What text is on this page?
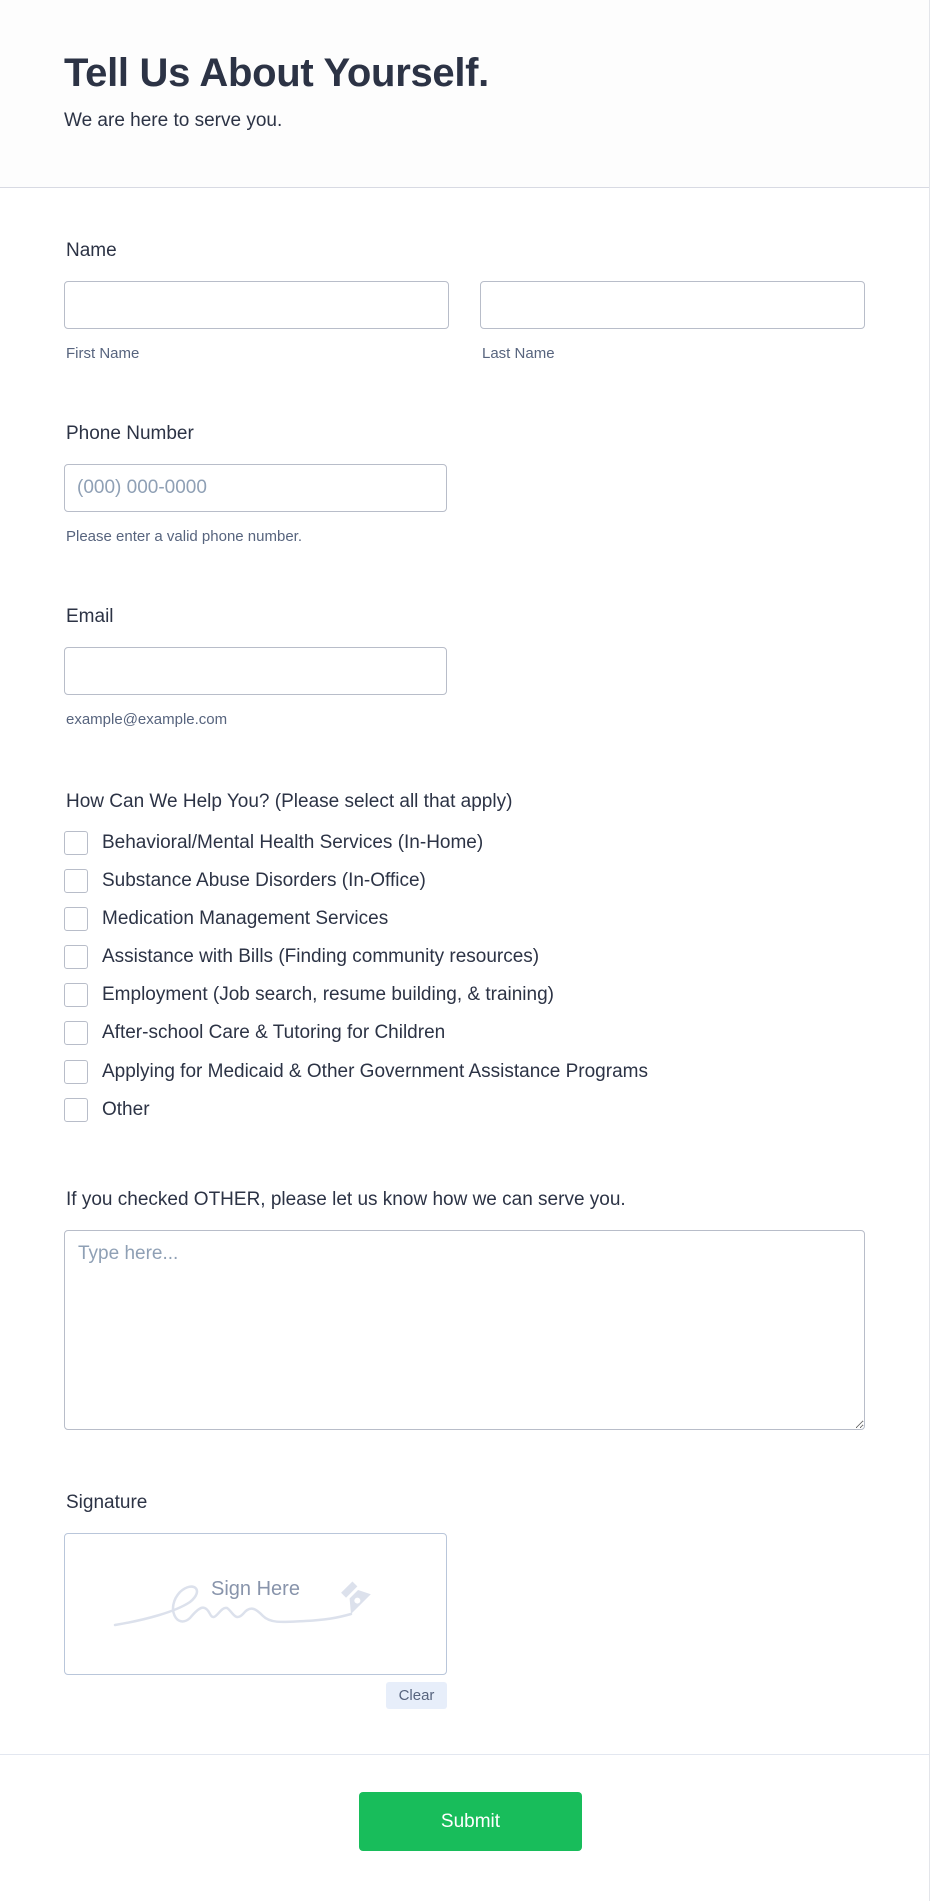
Tell Us About Yourself.
We are here to serve you.
Name
First Name	Last Name
Phone Number
(000) 000-0000
Please enter a valid phone number.
Email
example@example.com
How Can We Help You? (Please select all that apply)
Behavioral/Mental Health Services (In-Home)
Substance Abuse Disorders (In-Office)
Medication Management Services
Assistance with Bills (Finding community resources)
Employment (Job search, resume building, & training)
After-school Care & Tutoring for Children
Applying for Medicaid & Other Government Assistance Programs
Other
If you checked OTHER, please let us know how we can serve you.
Type here...
Signature
Sign Here
Clear
Submit
